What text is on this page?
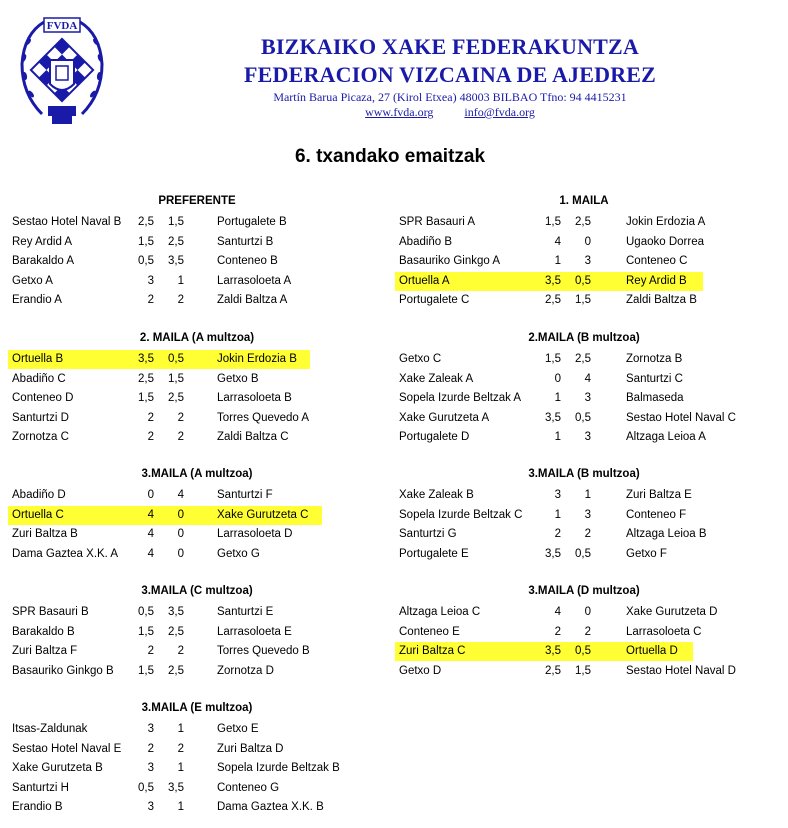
FVDA
BIZKAIKO XAKE FEDERAKUNTZA
FEDERACION VIZCAINA DE AJEDREZ
Martín Barua Picaza, 27 (Kirol Etxea) 48003 BILBAO Tfno: 94 4415231
www.fvda.org	info@fvda.org
6. txandako emaitzak
PREFERENTE
Sestao Hotel Naval B	2,5	1,5	Portugalete B
Rey Ardid A	1,5	2,5	Santurtzi B
Barakaldo A	0,5	3,5	Conteneo B
Getxo A	3	1	Larrasoloeta A
Erandio A	2	2	Zaldi Baltza A
1. MAILA
SPR Basauri A	1,5	2,5	Jokin Erdozia A
Abadiño B	4	0	Ugaoko Dorrea
Basauriko Ginkgo A	1	3	Conteneo C
Ortuella A	3,5	0,5	Rey Ardid B
Portugalete C	2,5	1,5	Zaldi Baltza B
2. MAILA (A multzoa)
Ortuella B	3,5	0,5	Jokin Erdozia B
Abadiño C	2,5	1,5	Getxo B
Conteneo D	1,5	2,5	Larrasoloeta B
Santurtzi D	2	2	Torres Quevedo A
Zornotza C	2	2	Zaldi Baltza C
2.MAILA (B multzoa)
Getxo C	1,5	2,5	Zornotza B
Xake Zaleak A	0	4	Santurtzi C
Sopela Izurde Beltzak A	1	3	Balmaseda
Xake Gurutzeta A	3,5	0,5	Sestao Hotel Naval C
Portugalete D	1	3	Altzaga Leioa A
3.MAILA (A multzoa)
Abadiño D	0	4	Santurtzi F
Ortuella C	4	0	Xake Gurutzeta C
Zuri Baltza B	4	0	Larrasoloeta D
Dama Gaztea X.K. A	4	0	Getxo G
3.MAILA (B multzoa)
Xake Zaleak B	3	1	Zuri Baltza E
Sopela Izurde Beltzak C	1	3	Conteneo F
Santurtzi G	2	2	Altzaga Leioa B
Portugalete E	3,5	0,5	Getxo F
3.MAILA (C multzoa)
SPR Basauri B	0,5	3,5	Santurtzi E
Barakaldo B	1,5	2,5	Larrasoloeta E
Zuri Baltza F	2	2	Torres Quevedo B
Basauriko Ginkgo B	1,5	2,5	Zornotza D
3.MAILA (D multzoa)
Altzaga Leioa C	4	0	Xake Gurutzeta D
Conteneo E	2	2	Larrasoloeta C
Zuri Baltza C	3,5	0,5	Ortuella D
Getxo D	2,5	1,5	Sestao Hotel Naval D
3.MAILA (E multzoa)
Itsas-Zaldunak	3	1	Getxo E
Sestao Hotel Naval E	2	2	Zuri Baltza D
Xake Gurutzeta B	3	1	Sopela Izurde Beltzak B
Santurtzi H	0,5	3,5	Conteneo G
Erandio B	3	1	Dama Gaztea X.K. B
